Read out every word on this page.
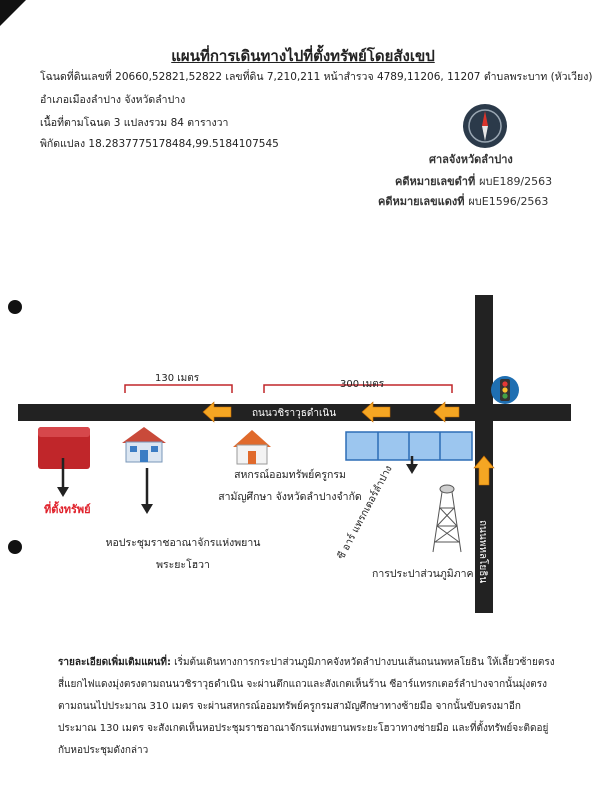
แผนที่การเดินทางไปที่ตั้งทรัพย์โดยสังเขป
โฉนดที่ดินเลขที่ 20660,52821,52822 เลขที่ดิน 7,210,211 หน้าสำรวจ 4789,11206, 11207 ตำบลพระบาท (หัวเวียง)
อำเภอเมืองลำปาง จังหวัดลำปาง
เนื้อที่ตามโฉนด 3 แปลงรวม 84 ตารางวา
พิกัดแปลง 18.2837775178484,99.5184107545
ศาลจังหวัดลำปาง
คดีหมายเลขดำที่ ผบE189/2563
คดีหมายเลขแดงที่ ผบE1596/2563
130 เมตร
300 เมตร
ถนนวชิราวุธดำเนิน
ถนนพหลโยธิน
ที่ตั้งทรัพย์	ซี อาร์ แทรกเตอร์ลำปาง
หอประชุมราชอาณาจักรแห่งพยาน
พระยะโฮวา
สหกรณ์ออมทรัพย์ครูกรม
สามัญศึกษา จังหวัดลำปางจำกัด
การประปาส่วนภูมิภาค
รายละเอียดเพิ่มเติมแผนที่: เริ่มต้นเดินทางการกระปาส่วนภูมิภาคจังหวัดลำปางบนเส้นถนนพหลโยธิน ให้เลี้ยวซ้ายตรงสี่แยกไฟแดงมุ่งตรงตามถนนวชิราวุธดำเนิน จะผ่านตึกแถวและสังเกตเห็นร้าน ซีอาร์แทรกเตอร์ลำปางจากนั้นมุ่งตรงตามถนนไปประมาณ 310 เมตร จะผ่านสหกรณ์ออมทรัพย์ครูกรมสามัญศึกษาทางซ้ายมือ จากนั้นขับตรงมาอีกประมาณ 130 เมตร จะสังเกตเห็นหอประชุมราชอาณาจักรแห่งพยานพระยะโฮวาทางซ่ายมือ และที่ตั้งทรัพย์จะติดอยู่กับหอประชุมดังกล่าว
